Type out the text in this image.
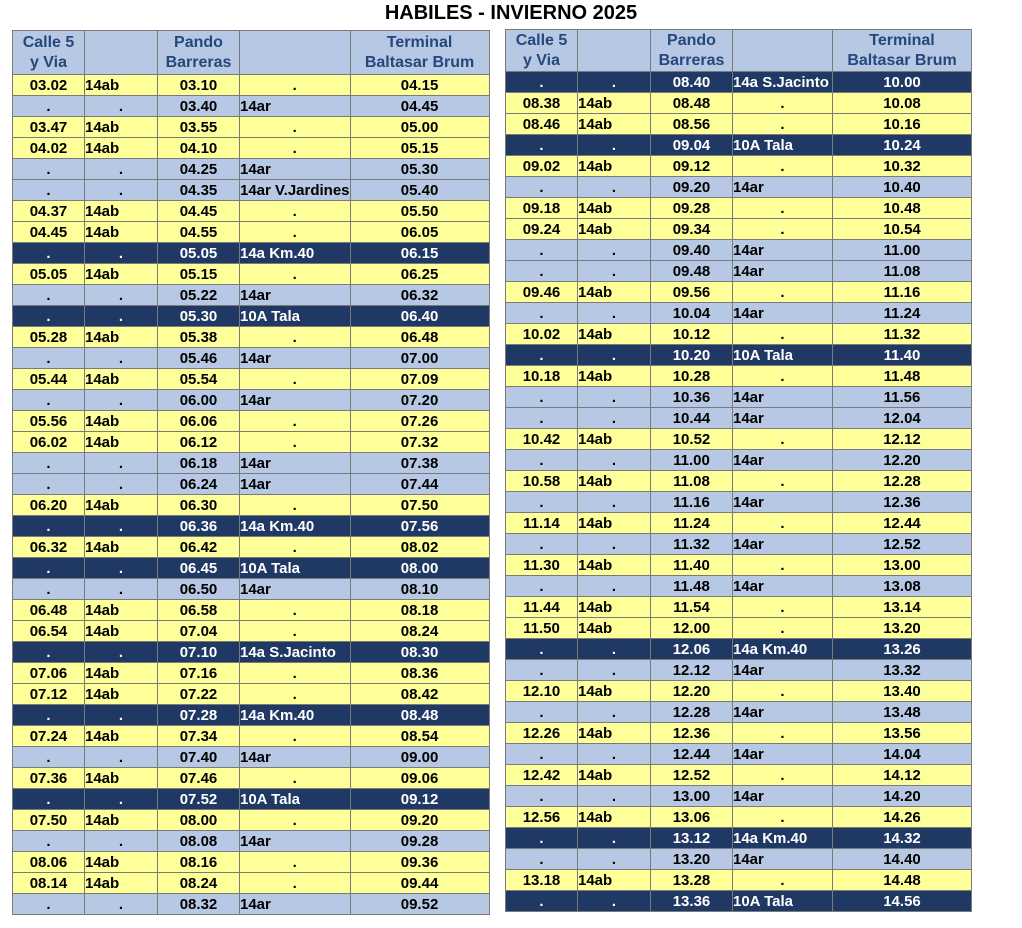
HABILES - INVIERNO 2025
Calle 5
y Via		Pando
Barreras		Terminal
Baltasar Brum
03.02	14ab	03.10	.	04.15
.	.	03.40	14ar	04.45
03.47	14ab	03.55	.	05.00
04.02	14ab	04.10	.	05.15
.	.	04.25	14ar	05.30
.	.	04.35	14ar V.Jardines	05.40
04.37	14ab	04.45	.	05.50
04.45	14ab	04.55	.	06.05
.	.	05.05	14a Km.40	06.15
05.05	14ab	05.15	.	06.25
.	.	05.22	14ar	06.32
.	.	05.30	10A Tala	06.40
05.28	14ab	05.38	.	06.48
.	.	05.46	14ar	07.00
05.44	14ab	05.54	.	07.09
.	.	06.00	14ar	07.20
05.56	14ab	06.06	.	07.26
06.02	14ab	06.12	.	07.32
.	.	06.18	14ar	07.38
.	.	06.24	14ar	07.44
06.20	14ab	06.30	.	07.50
.	.	06.36	14a Km.40	07.56
06.32	14ab	06.42	.	08.02
.	.	06.45	10A Tala	08.00
.	.	06.50	14ar	08.10
06.48	14ab	06.58	.	08.18
06.54	14ab	07.04	.	08.24
.	.	07.10	14a S.Jacinto	08.30
07.06	14ab	07.16	.	08.36
07.12	14ab	07.22	.	08.42
.	.	07.28	14a Km.40	08.48
07.24	14ab	07.34	.	08.54
.	.	07.40	14ar	09.00
07.36	14ab	07.46	.	09.06
.	.	07.52	10A Tala	09.12
07.50	14ab	08.00	.	09.20
.	.	08.08	14ar	09.28
08.06	14ab	08.16	.	09.36
08.14	14ab	08.24	.	09.44
.	.	08.32	14ar	09.52
Calle 5
y Via		Pando
Barreras		Terminal
Baltasar Brum
.	.	08.40	14a S.Jacinto	10.00
08.38	14ab	08.48	.	10.08
08.46	14ab	08.56	.	10.16
.	.	09.04	10A Tala	10.24
09.02	14ab	09.12	.	10.32
.	.	09.20	14ar	10.40
09.18	14ab	09.28	.	10.48
09.24	14ab	09.34	.	10.54
.	.	09.40	14ar	11.00
.	.	09.48	14ar	11.08
09.46	14ab	09.56	.	11.16
.	.	10.04	14ar	11.24
10.02	14ab	10.12	.	11.32
.	.	10.20	10A Tala	11.40
10.18	14ab	10.28	.	11.48
.	.	10.36	14ar	11.56
.	.	10.44	14ar	12.04
10.42	14ab	10.52	.	12.12
.	.	11.00	14ar	12.20
10.58	14ab	11.08	.	12.28
.	.	11.16	14ar	12.36
11.14	14ab	11.24	.	12.44
.	.	11.32	14ar	12.52
11.30	14ab	11.40	.	13.00
.	.	11.48	14ar	13.08
11.44	14ab	11.54	.	13.14
11.50	14ab	12.00	.	13.20
.	.	12.06	14a Km.40	13.26
.	.	12.12	14ar	13.32
12.10	14ab	12.20	.	13.40
.	.	12.28	14ar	13.48
12.26	14ab	12.36	.	13.56
.	.	12.44	14ar	14.04
12.42	14ab	12.52	.	14.12
.	.	13.00	14ar	14.20
12.56	14ab	13.06	.	14.26
.	.	13.12	14a Km.40	14.32
.	.	13.20	14ar	14.40
13.18	14ab	13.28	.	14.48
.	.	13.36	10A Tala	14.56
